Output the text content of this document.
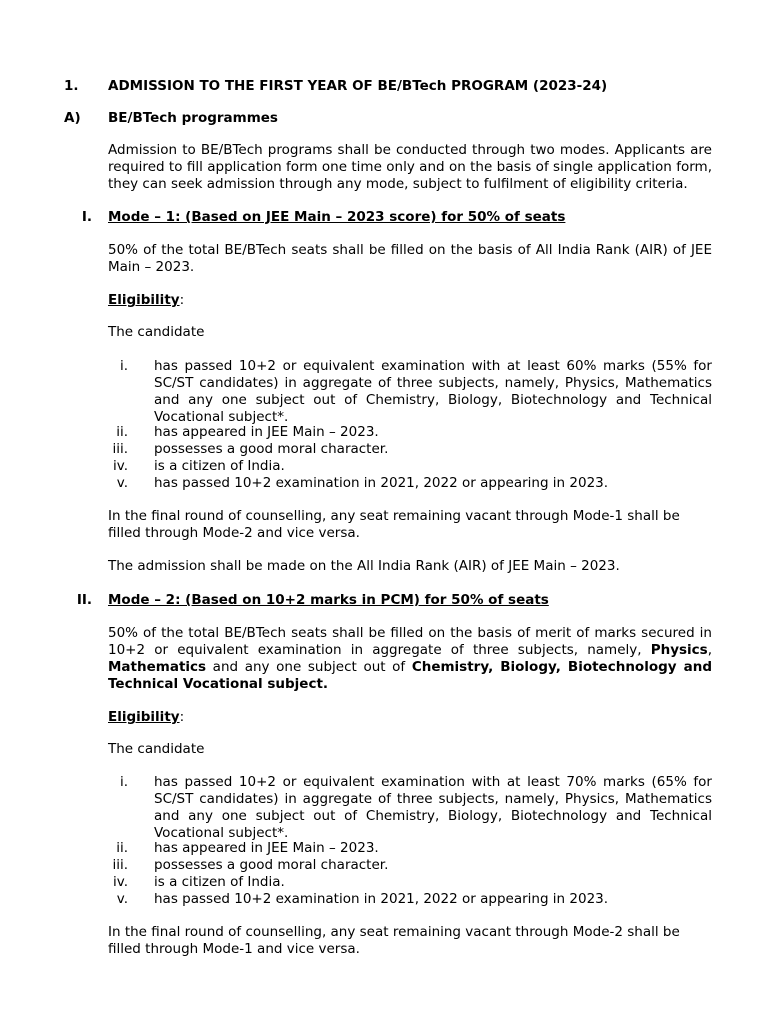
1. ADMISSION TO THE FIRST YEAR OF BE/BTech PROGRAM (2023-24)
A) BE/BTech programmes

Admission to BE/BTech programs shall be conducted through two modes. Applicants are required to fill application form one time only and on the basis of single application form, they can seek admission through any mode, subject to fulfilment of eligibility criteria.

I. Mode – 1: (Based on JEE Main – 2023 score) for 50% of seats

50% of the total BE/BTech seats shall be filled on the basis of All India Rank (AIR) of JEE Main – 2023.

Eligibility:
The candidate
i. has passed 10+2 or equivalent examination with at least 60% marks (55% for SC/ST candidates) in aggregate of three subjects, namely, Physics, Mathematics and any one subject out of Chemistry, Biology, Biotechnology and Technical Vocational subject*.

ii. has appeared in JEE Main – 2023.

iii. possesses a good moral character.

iv. is a citizen of India.

v. has passed 10+2 examination in 2021, 2022 or appearing in 2023.

In the final round of counselling, any seat remaining vacant through Mode-1 shall be filled through Mode-2 and vice versa.

The admission shall be made on the All India Rank (AIR) of JEE Main – 2023.

II. Mode – 2: (Based on 10+2 marks in PCM) for 50% of seats

50% of the total BE/BTech seats shall be filled on the basis of merit of marks secured in 10+2 or equivalent examination in aggregate of three subjects, namely, Physics, Mathematics and any one subject out of Chemistry, Biology, Biotechnology and Technical Vocational subject.

Eligibility:
The candidate
i. has passed 10+2 or equivalent examination with at least 70% marks (65% for SC/ST candidates) in aggregate of three subjects, namely, Physics, Mathematics and any one subject out of Chemistry, Biology, Biotechnology and Technical Vocational subject*.

ii. has appeared in JEE Main – 2023.

iii. possesses a good moral character.

iv. is a citizen of India.

v. has passed 10+2 examination in 2021, 2022 or appearing in 2023.

In the final round of counselling, any seat remaining vacant through Mode-2 shall be filled through Mode-1 and vice versa.
